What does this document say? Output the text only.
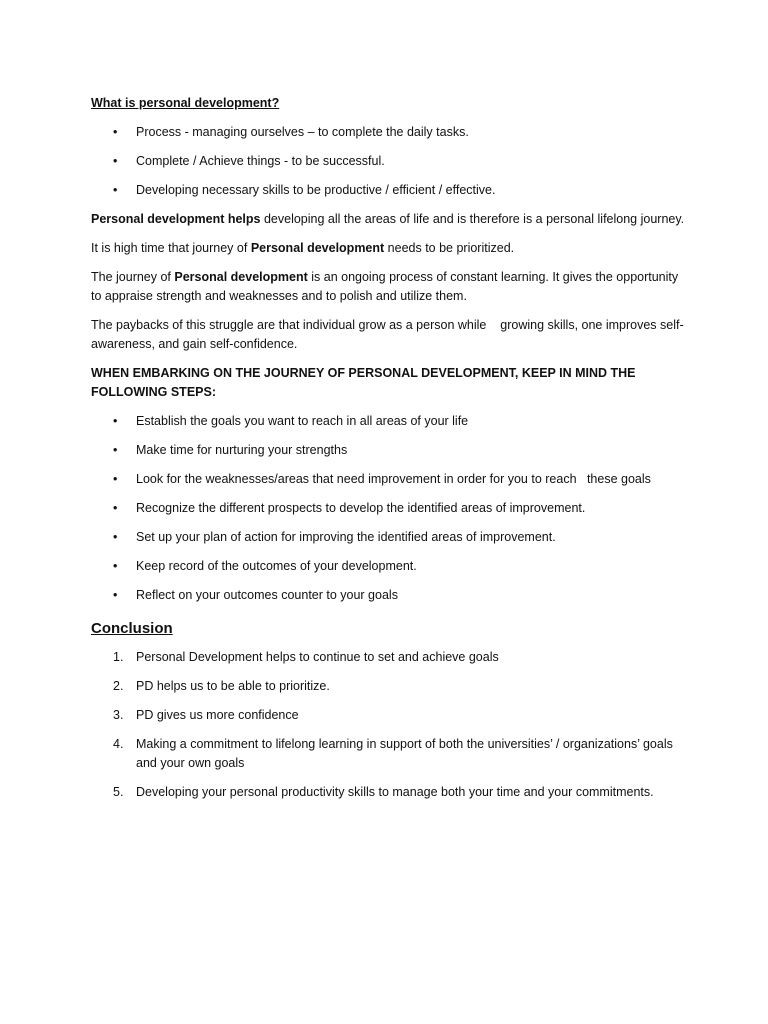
What is personal development?
• Process - managing ourselves – to complete the daily tasks.
• Complete / Achieve things - to be successful.
• Developing necessary skills to be productive / efficient / effective.

Personal development helps developing all the areas of life and is therefore is a personal lifelong journey.

It is high time that journey of Personal development needs to be prioritized.

The journey of Personal development is an ongoing process of constant learning. It gives the opportunity to appraise strength and weaknesses and to polish and utilize them.

The paybacks of this struggle are that individual grow as a person while    growing skills, one improves self-awareness, and gain self-confidence.

WHEN EMBARKING ON THE JOURNEY OF PERSONAL DEVELOPMENT, KEEP IN MIND THE FOLLOWING STEPS:
• Establish the goals you want to reach in all areas of your life
• Make time for nurturing your strengths
• Look for the weaknesses/areas that need improvement in order for you to reach   these goals
• Recognize the different prospects to develop the identified areas of improvement.
• Set up your plan of action for improving the identified areas of improvement.
• Keep record of the outcomes of your development.
• Reflect on your outcomes counter to your goals
Conclusion
1. Personal Development helps to continue to set and achieve goals
2. PD helps us to be able to prioritize.
3. PD gives us more confidence
4. Making a commitment to lifelong learning in support of both the universities’ / organizations’ goals and your own goals
5. Developing your personal productivity skills to manage both your time and your commitments.
